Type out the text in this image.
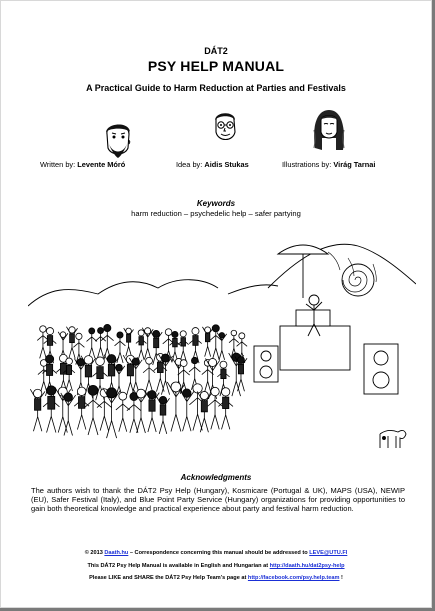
DÁT2
PSY HELP MANUAL
A Practical Guide to Harm Reduction at Parties and Festivals
Written by: Levente Móró	Idea by: Aidis Stukas	Illustrations by: Virág Tarnai
Keywords
harm reduction – psychedelic help – safer partying
Acknowledgments
The authors wish to thank the DÁT2 Psy Help (Hungary), Kosmicare (Portugal & UK), MAPS (USA), NEWIP (EU), Safer Festival (Italy), and Blue Point Party Service (Hungary) organizations for providing opportunities to gain both theoretical knowledge and practical experience about party and festival harm reduction.
© 2013 Daath.hu – Correspondence concerning this manual should be addressed to LEVE@UTU.FI
This DÁT2 Psy Help Manual is available in English and Hungarian at http://daath.hu/dat2psy-help
Please LIKE and SHARE the DÁT2 Psy Help Team's page at http://facebook.com/psy.help.team !
